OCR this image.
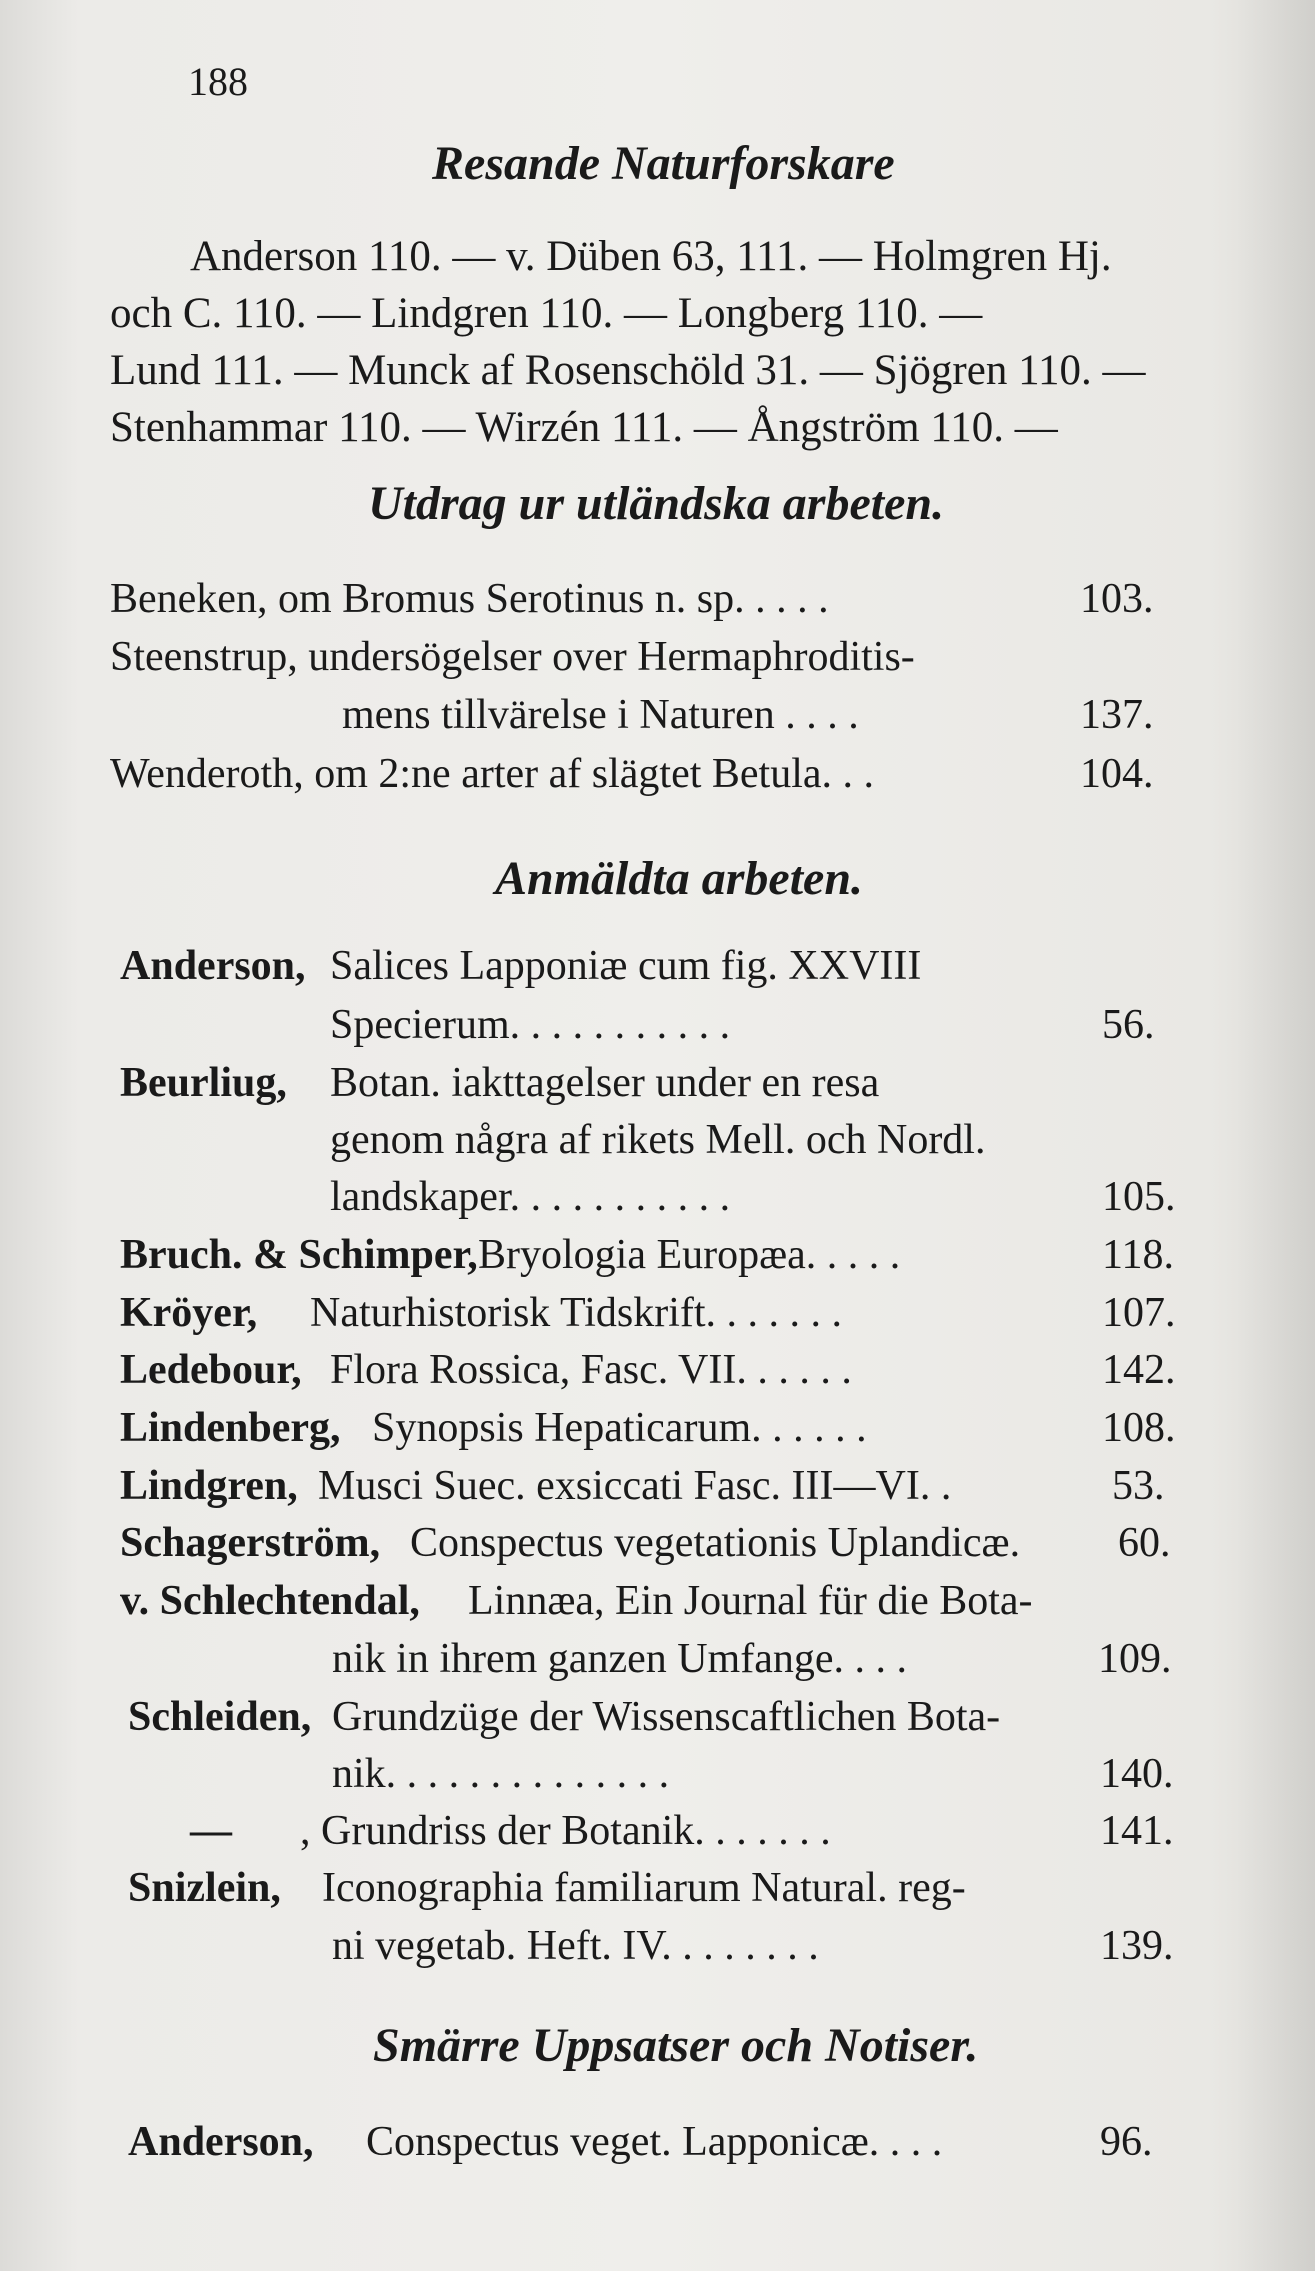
188
Resande Naturforskare
Anderson 110. — v. Düben 63, 111. — Holmgren Hj.
och C. 110. — Lindgren 110. — Longberg 110. —
Lund 111. — Munck af Rosenschöld 31. — Sjögren 110. —
Stenhammar 110. — Wirzén 111. — Ångström 110. —
Utdrag ur utländska arbeten.
Beneken, om Bromus Serotinus n. sp. . . . .	103.
Steenstrup, undersögelser over Hermaphroditis-
mens tillvärelse i Naturen . . . .	137.
Wenderoth, om 2:ne arter af slägtet Betula. . .	104.
Anmäldta arbeten.
Anderson, Salices Lapponiæ cum fig. XXVIII
Specierum. . . . . . . . . . .	56.
Beurliug, Botan. iakttagelser under en resa
genom några af rikets Mell. och Nordl.
landskaper. . . . . . . . . . .	105.
Bruch. & Schimper, Bryologia Europæa. . . . .	118.
Kröyer, Naturhistorisk Tidskrift. . . . . . .	107.
Ledebour, Flora Rossica, Fasc. VII. . . . . .	142.
Lindenberg, Synopsis Hepaticarum. . . . . .	108.
Lindgren, Musci Suec. exsiccati Fasc. III—VI. .	53.
Schagerström, Conspectus vegetationis Uplandicæ. 60.
v. Schlechtendal, Linnæa, Ein Journal für die Bota-
nik in ihrem ganzen Umfange. . . .	109.
Schleiden, Grundzüge der Wissenscaftlichen Bota-
nik. . . . . . . . . . . . . .	140.
— , Grundriss der Botanik. . . . . . .	141.
Snizlein, Iconographia familiarum Natural. reg-
ni vegetab. Heft. IV. . . . . . . .	139.
Smärre Uppsatser och Notiser.
Anderson, Conspectus veget. Lapponicæ. . . .	96.
